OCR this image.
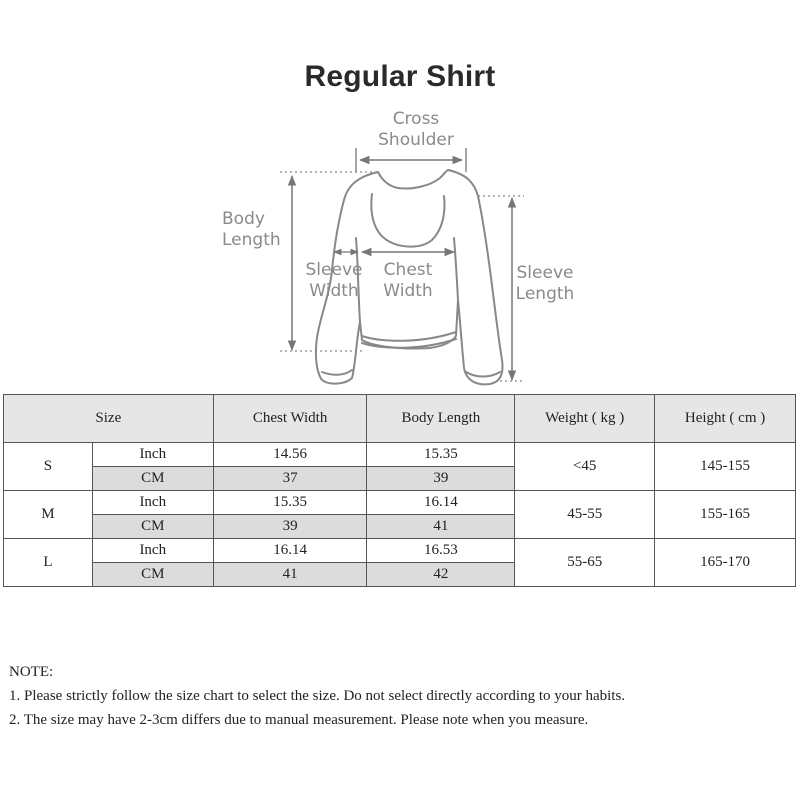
Regular Shirt
Cross
Shoulder
Body
Length
Sleeve
Width
Chest
Width
Sleeve
Length
Size		Chest Width	Body Length	Weight ( kg )	Height ( cm )
S	Inch	14.56	15.35	<45	145-155
	CM	37	39		
M	Inch	15.35	16.14	45-55	155-165
	CM	39	41		
L	Inch	16.14	16.53	55-65	165-170
	CM	41	42		
NOTE:
1. Please strictly follow the size chart to select the size. Do not select directly according to your habits.
2. The size may have 2-3cm differs due to manual measurement. Please note when you measure.
